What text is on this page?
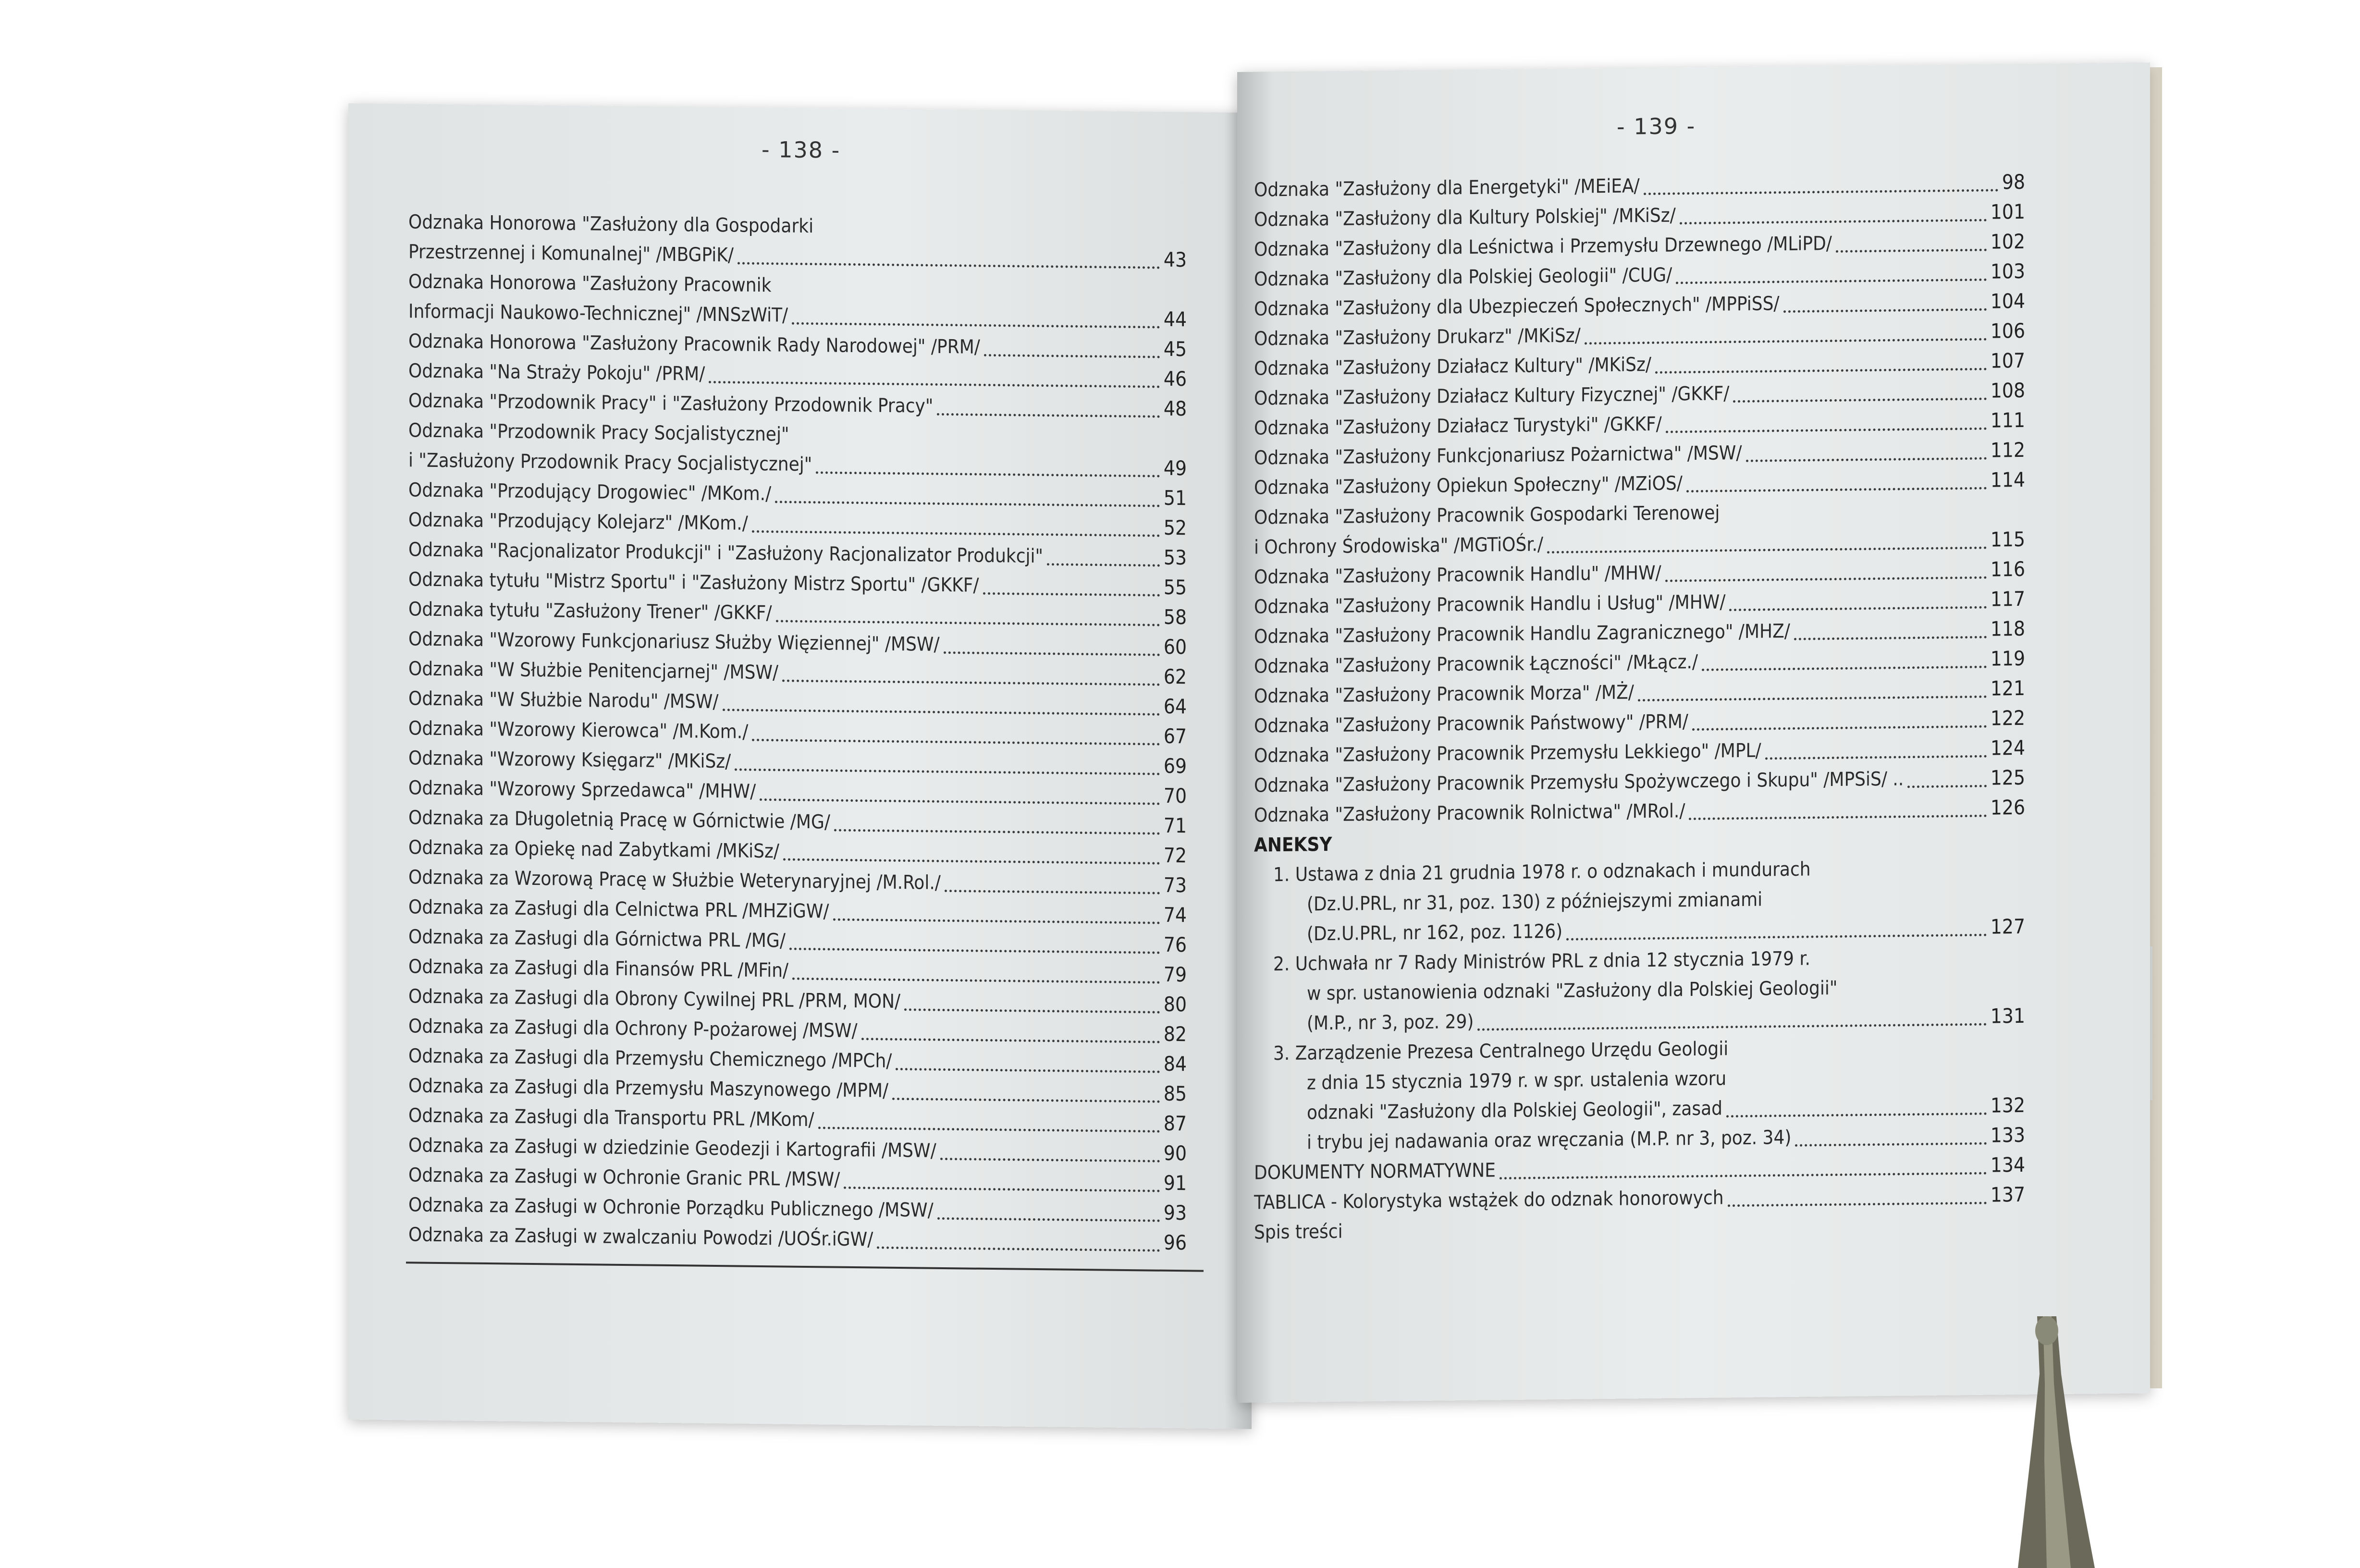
- 138 -
Odznaka Honorowa "Zasłużony dla Gospodarki
Przestrzennej i Komunalnej" /MBGPiK/	43
Odznaka Honorowa "Zasłużony Pracownik
Informacji Naukowo-Technicznej" /MNSzWiT/	44
Odznaka Honorowa "Zasłużony Pracownik Rady Narodowej" /PRM/	45
Odznaka "Na Straży Pokoju" /PRM/	46
Odznaka "Przodownik Pracy" i "Zasłużony Przodownik Pracy"	48
Odznaka "Przodownik Pracy Socjalistycznej"
i "Zasłużony Przodownik Pracy Socjalistycznej"	49
Odznaka "Przodujący Drogowiec" /MKom./	51
Odznaka "Przodujący Kolejarz" /MKom./	52
Odznaka "Racjonalizator Produkcji" i "Zasłużony Racjonalizator Produkcji"	53
Odznaka tytułu "Mistrz Sportu" i "Zasłużony Mistrz Sportu" /GKKF/	55
Odznaka tytułu "Zasłużony Trener" /GKKF/	58
Odznaka "Wzorowy Funkcjonariusz Służby Więziennej" /MSW/	60
Odznaka "W Służbie Penitencjarnej" /MSW/	62
Odznaka "W Służbie Narodu" /MSW/	64
Odznaka "Wzorowy Kierowca" /M.Kom./	67
Odznaka "Wzorowy Księgarz" /MKiSz/	69
Odznaka "Wzorowy Sprzedawca" /MHW/	70
Odznaka za Długoletnią Pracę w Górnictwie /MG/	71
Odznaka za Opiekę nad Zabytkami /MKiSz/	72
Odznaka za Wzorową Pracę w Służbie Weterynaryjnej /M.Rol./	73
Odznaka za Zasługi dla Celnictwa PRL /MHZiGW/	74
Odznaka za Zasługi dla Górnictwa PRL /MG/	76
Odznaka za Zasługi dla Finansów PRL /MFin/	79
Odznaka za Zasługi dla Obrony Cywilnej PRL /PRM, MON/	80
Odznaka za Zasługi dla Ochrony P-pożarowej /MSW/	82
Odznaka za Zasługi dla Przemysłu Chemicznego /MPCh/	84
Odznaka za Zasługi dla Przemysłu Maszynowego /MPM/	85
Odznaka za Zasługi dla Transportu PRL /MKom/	87
Odznaka za Zasługi w dziedzinie Geodezji i Kartografii /MSW/	90
Odznaka za Zasługi w Ochronie Granic PRL /MSW/	91
Odznaka za Zasługi w Ochronie Porządku Publicznego /MSW/	93
Odznaka za Zasługi w zwalczaniu Powodzi /UOŚr.iGW/	96
- 139 -
Odznaka "Zasłużony dla Energetyki" /MEiEA/	98
Odznaka "Zasłużony dla Kultury Polskiej" /MKiSz/	101
Odznaka "Zasłużony dla Leśnictwa i Przemysłu Drzewnego /MLiPD/	102
Odznaka "Zasłużony dla Polskiej Geologii" /CUG/	103
Odznaka "Zasłużony dla Ubezpieczeń Społecznych" /MPPiSS/	104
Odznaka "Zasłużony Drukarz" /MKiSz/	106
Odznaka "Zasłużony Działacz Kultury" /MKiSz/	107
Odznaka "Zasłużony Działacz Kultury Fizycznej" /GKKF/	108
Odznaka "Zasłużony Działacz Turystyki" /GKKF/	111
Odznaka "Zasłużony Funkcjonariusz Pożarnictwa" /MSW/	112
Odznaka "Zasłużony Opiekun Społeczny" /MZiOS/	114
Odznaka "Zasłużony Pracownik Gospodarki Terenowej
i Ochrony Środowiska" /MGTiOŚr./	115
Odznaka "Zasłużony Pracownik Handlu" /MHW/	116
Odznaka "Zasłużony Pracownik Handlu i Usług" /MHW/	117
Odznaka "Zasłużony Pracownik Handlu Zagranicznego" /MHZ/	118
Odznaka "Zasłużony Pracownik Łączności" /MŁącz./	119
Odznaka "Zasłużony Pracownik Morza" /MŻ/	121
Odznaka "Zasłużony Pracownik Państwowy" /PRM/	122
Odznaka "Zasłużony Pracownik Przemysłu Lekkiego" /MPL/	124
Odznaka "Zasłużony Pracownik Przemysłu Spożywczego i Skupu" /MPSiS/ ..	125
Odznaka "Zasłużony Pracownik Rolnictwa" /MRol./	126
ANEKSY
1. Ustawa z dnia 21 grudnia 1978 r. o odznakach i mundurach
(Dz.U.PRL, nr 31, poz. 130) z późniejszymi zmianami
(Dz.U.PRL, nr 162, poz. 1126)	127
2. Uchwała nr 7 Rady Ministrów PRL z dnia 12 stycznia 1979 r.
w spr. ustanowienia odznaki "Zasłużony dla Polskiej Geologii"
(M.P., nr 3, poz. 29)	131
3. Zarządzenie Prezesa Centralnego Urzędu Geologii
z dnia 15 stycznia 1979 r. w spr. ustalenia wzoru
odznaki "Zasłużony dla Polskiej Geologii", zasad	132
i trybu jej nadawania oraz wręczania (M.P. nr 3, poz. 34)	133
DOKUMENTY NORMATYWNE	134
TABLICA - Kolorystyka wstążek do odznak honorowych	137
Spis treści
